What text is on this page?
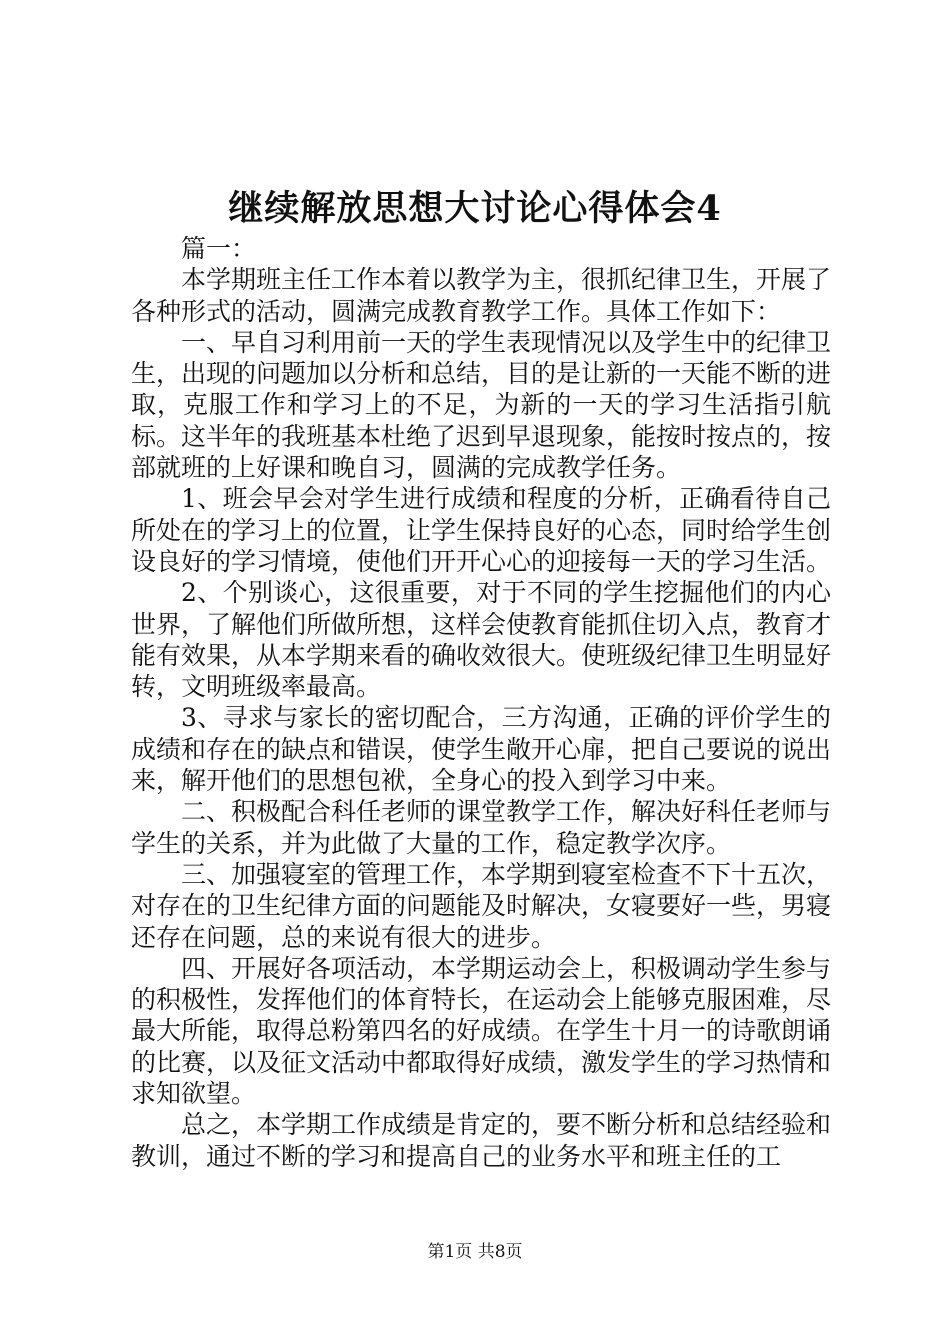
继续解放思想大讨论心得体会4

篇一：

本学期班主任工作本着以教学为主，很抓纪律卫生，开展了各种形式的活动，圆满完成教育教学工作。具体工作如下：

一、早自习利用前一天的学生表现情况以及学生中的纪律卫生，出现的问题加以分析和总结，目的是让新的一天能不断的进取，克服工作和学习上的不足，为新的一天的学习生活指引航标。这半年的我班基本杜绝了迟到早退现象，能按时按点的，按部就班的上好课和晚自习，圆满的完成教学任务。

1、班会早会对学生进行成绩和程度的分析，正确看待自己所处在的学习上的位置，让学生保持良好的心态，同时给学生创设良好的学习情境，使他们开开心心的迎接每一天的学习生活。

2、个别谈心，这很重要，对于不同的学生挖掘他们的内心世界，了解他们所做所想，这样会使教育能抓住切入点，教育才能有效果，从本学期来看的确收效很大。使班级纪律卫生明显好转，文明班级率最高。

3、寻求与家长的密切配合，三方沟通，正确的评价学生的成绩和存在的缺点和错误，使学生敞开心扉，把自己要说的说出来，解开他们的思想包袱，全身心的投入到学习中来。

二、积极配合科任老师的课堂教学工作，解决好科任老师与学生的关系，并为此做了大量的工作，稳定教学次序。

三、加强寝室的管理工作，本学期到寝室检查不下十五次，对存在的卫生纪律方面的问题能及时解决，女寝要好一些，男寝还存在问题，总的来说有很大的进步。

四、开展好各项活动，本学期运动会上，积极调动学生参与的积极性，发挥他们的体育特长，在运动会上能够克服困难，尽最大所能，取得总粉第四名的好成绩。在学生十月一的诗歌朗诵的比赛，以及征文活动中都取得好成绩，激发学生的学习热情和求知欲望。

总之，本学期工作成绩是肯定的，要不断分析和总结经验和教训，通过不断的学习和提高自己的业务水平和班主任的工

第1页 共8页
